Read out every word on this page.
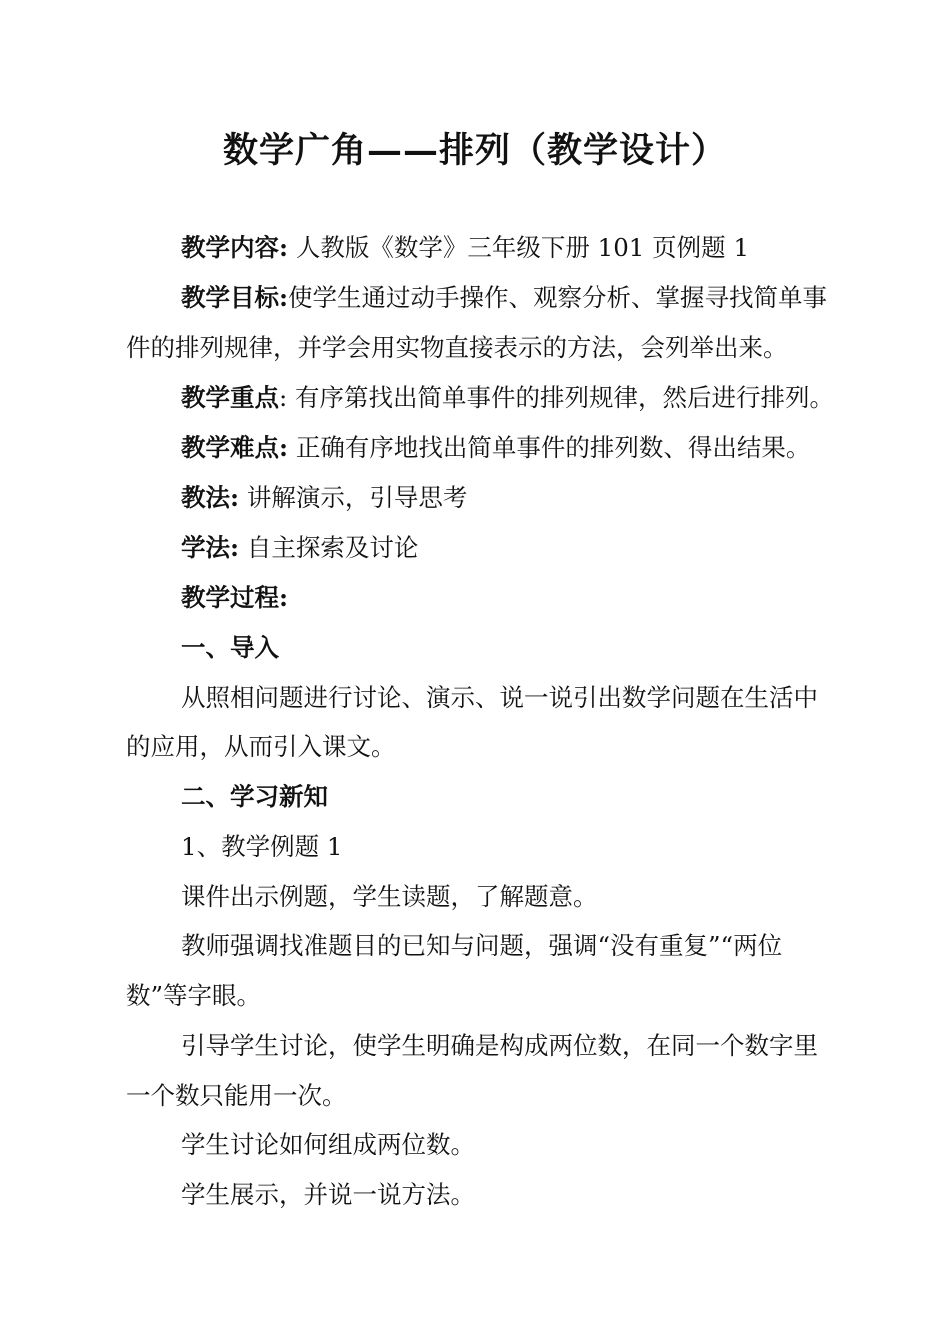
数学广角——排列（教学设计）
教学内容: 人教版《数学》三年级下册 101 页例题 1
教学目标:使学生通过动手操作、观察分析、掌握寻找简单事
件的排列规律，并学会用实物直接表示的方法，会列举出来。
教学重点: 有序第找出简单事件的排列规律，然后进行排列。
教学难点: 正确有序地找出简单事件的排列数、得出结果。
教法: 讲解演示，引导思考
学法: 自主探索及讨论
教学过程:
一、导入
从照相问题进行讨论、演示、说一说引出数学问题在生活中
的应用，从而引入课文。
二、学习新知
1、教学例题 1
课件出示例题，学生读题，了解题意。
教师强调找准题目的已知与问题，强调“没有重复”“两位
数”等字眼。
引导学生讨论，使学生明确是构成两位数，在同一个数字里
一个数只能用一次。
学生讨论如何组成两位数。
学生展示，并说一说方法。
